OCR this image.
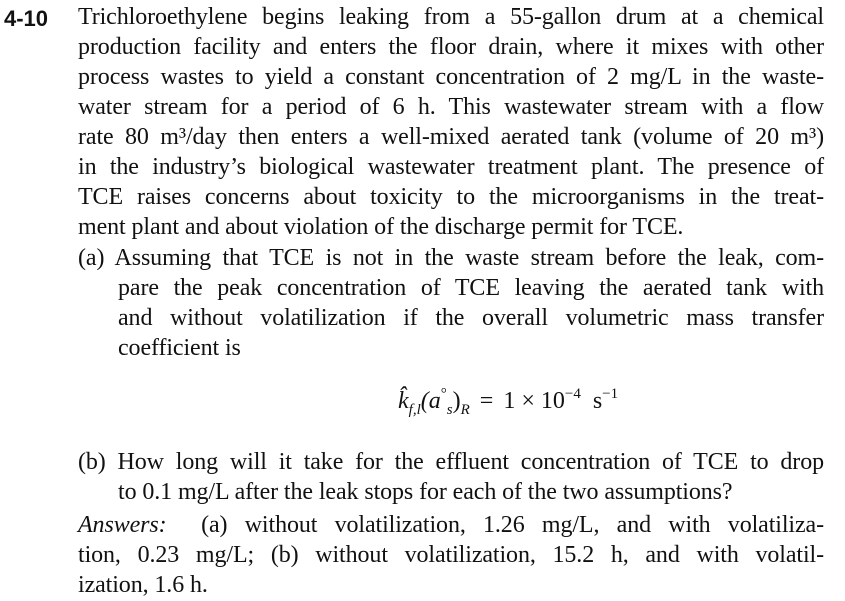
4-10 Trichloroethylene begins leaking from a 55-gallon drum at a chemical
production facility and enters the floor drain, where it mixes with other
process wastes to yield a constant concentration of 2 mg/L in the waste-
water stream for a period of 6 h. This wastewater stream with a flow
rate 80 m³/day then enters a well-mixed aerated tank (volume of 20 m³)
in the industry’s biological wastewater treatment plant. The presence of
TCE raises concerns about toxicity to the microorganisms in the treat-
ment plant and about violation of the discharge permit for TCE.
(a) Assuming that TCE is not in the waste stream before the leak, com-
pare the peak concentration of TCE leaving the aerated tank with
and without volatilization if the overall volumetric mass transfer
coefficient is
$k̂_{f,l}(a^\circ_s)_R = 1 \times 10^{-4}$ $s^{-1}$
(b) How long will it take for the effluent concentration of TCE to drop
to 0.1 mg/L after the leak stops for each of the two assumptions?
Answers: (a) without volatilization, 1.26 mg/L, and with volatiliza-
tion, 0.23 mg/L; (b) without volatilization, 15.2 h, and with volatil-
ization, 1.6 h.
